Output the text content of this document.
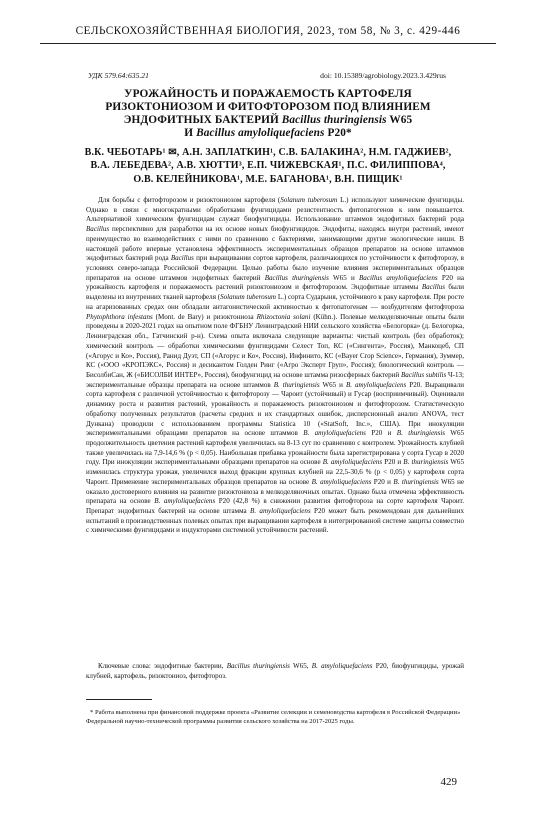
СЕЛЬСКОХОЗЯЙСТВЕННАЯ БИОЛОГИЯ, 2023, том 58, № 3, с. 429-446
УДК 579.64:635.21	doi: 10.15389/agrobiology.2023.3.429rus
УРОЖАЙНОСТЬ И ПОРАЖАЕМОСТЬ КАРТОФЕЛЯ
РИЗОКТОНИОЗОМ И ФИТОФТОРОЗОМ ПОД ВЛИЯНИЕМ
ЭНДОФИТНЫХ БАКТЕРИЙ Bacillus thuringiensis W65
И Bacillus amyloliquefaciens P20*
В.К. ЧЕБОТАРЬ¹ ✉, А.Н. ЗАПЛАТКИН¹, С.В. БАЛАКИНА², Н.М. ГАДЖИЕВ²,
В.А. ЛЕБЕДЕВА², А.В. ХЮТТИ³, Е.П. ЧИЖЕВСКАЯ¹, П.С. ФИЛИППОВА⁴,
О.В. КЕЛЕЙНИКОВА¹, М.Е. БАГАНОВА¹, В.Н. ПИЩИК¹
Для борьбы с фитофторозом и ризоктониозом картофеля (Solanum tuberosum L.) используют химические фунгициды. Однако в связи с многократными обработками фунгицидами резистентность фитопатогенов к ним повышается. Альтернативой химическим фунгицидам служат биофунгициды. Использование штаммов эндофитных бактерий рода Bacillus перспективно для разработки на их основе новых биофунгицидов. Эндофиты, находясь внутри растений, имеют преимущество во взаимодействиях с ними по сравнению с бактериями, занимающими другие экологические ниши. В настоящей работе впервые установлена эффективность экспериментальных образцов препаратов на основе штаммов эндофитных бактерий рода Bacillus при выращивании сортов картофеля, различающихся по устойчивости к фитофторозу, в условиях северо-запада Российской Федерации. Целью работы было изучение влияния экспериментальных образцов препаратов на основе штаммов эндофитных бактерий Bacillus thuringiensis W65 и Bacillus amyloliquefaciens P20 на урожайность картофеля и поражаемость растений ризоктониозом и фитофторозом. Эндофитные штаммы Bacillus были выделены из внутренних тканей картофеля (Solanum tuberosum L.) сорта Сударыня, устойчивого к раку картофеля. При росте на агаризованных средах они обладали антагонистической активностью к фитопатогенам — возбудителям фитофтороза Phytophthora infestans (Mont. de Bary) и ризоктониоза Rhizoctonia solani (Kühn.). Полевые мелкоделяночные опыты были проведены в 2020-2021 годах на опытном поле ФГБНУ Ленинградский НИИ сельского хозяйства «Белогорка» (д. Белогорка, Ленинградская обл., Гатчинский р-н). Схема опыта включала следующие варианты: чистый контроль (без обработок); химический контроль — обработки химическими фунгицидами Селест Топ, КС («Сингента», Россия), Манкоцеб, СП («Агорус и Ко», Россия), Ранид Дуэт, СП («Агорус и Ко», Россия), Инфинито, КС («Bayer Crop Science», Германия), Зуммер, КС («ООО «КРОПЭКС», Россия) и десикантом Голден Ринг («Агро Эксперт Груп», Россия); биологический контроль — БисолбиСан, Ж («БИСОЛБИ ИНТЕР», Россия), биофунгицид на основе штамма ризосферных бактерий Bacillus subtilis Ч-13; экспериментальные образцы препарата на основе штаммов B. thuringiensis W65 и B. amyloliquefaciens P20. Выращивали сорта картофеля с различной устойчивостью к фитофторозу — Чароит (устойчивый) и Гусар (восприимчивый). Оценивали динамику роста и развития растений, урожайность и поражаемость ризоктониозом и фитофторозом. Статистическую обработку полученных результатов (расчеты средних и их стандартных ошибок, дисперсионный анализ ANOVA, тест Дункана) проводили с использованием программы Statistica 10 («StatSoft, Inc.», США). При инокуляции экспериментальными образцами препаратов на основе штаммов B. amyloliquefaciens P20 и B. thuringiensis W65 продолжительность цветения растений картофеля увеличилась на 8-13 сут по сравнению с контролем. Урожайность клубней также увеличилась на 7,9-14,6 % (p < 0,05). Наибольшая прибавка урожайности была зарегистрирована у сорта Гусар в 2020 году. При инокуляции экспериментальными образцами препаратов на основе B. amyloliquefaciens P20 и B. thuringiensis W65 изменилась структура урожая, увеличился выход фракции крупных клубней на 22,5-30,6 % (p < 0,05) у картофеля сорта Чароит. Применение экспериментальных образцов препаратов на основе B. amyloliquefaciens P20 и B. thuringiensis W65 не оказало достоверного влияния на развитие ризоктониоза в мелкоделяночных опытах. Однако была отмечена эффективность препарата на основе B. amyloliquefaciens P20 (42,8 %) в снижении развития фитофтороза на сорте картофеля Чароит. Препарат эндофитных бактерий на основе штамма B. amyloliquefaciens P20 может быть рекомендован для дальнейших испытаний в производственных полевых опытах при выращивании картофеля в интегрированной системе защиты совместно с химическими фунгицидами и индукторами системной устойчивости растений.
Ключевые слова: эндофитные бактерии, Bacillus thuringiensis W65, B. amyloliquefaciens P20, биофунгициды, урожай клубней, картофель, ризоктониоз, фитофтороз.
* Работа выполнена при финансовой поддержке проекта «Развитие селекции и семеноводства картофеля в Российской Федерации» Федеральной научно-технической программы развития сельского хозяйства на 2017-2025 годы.
429
